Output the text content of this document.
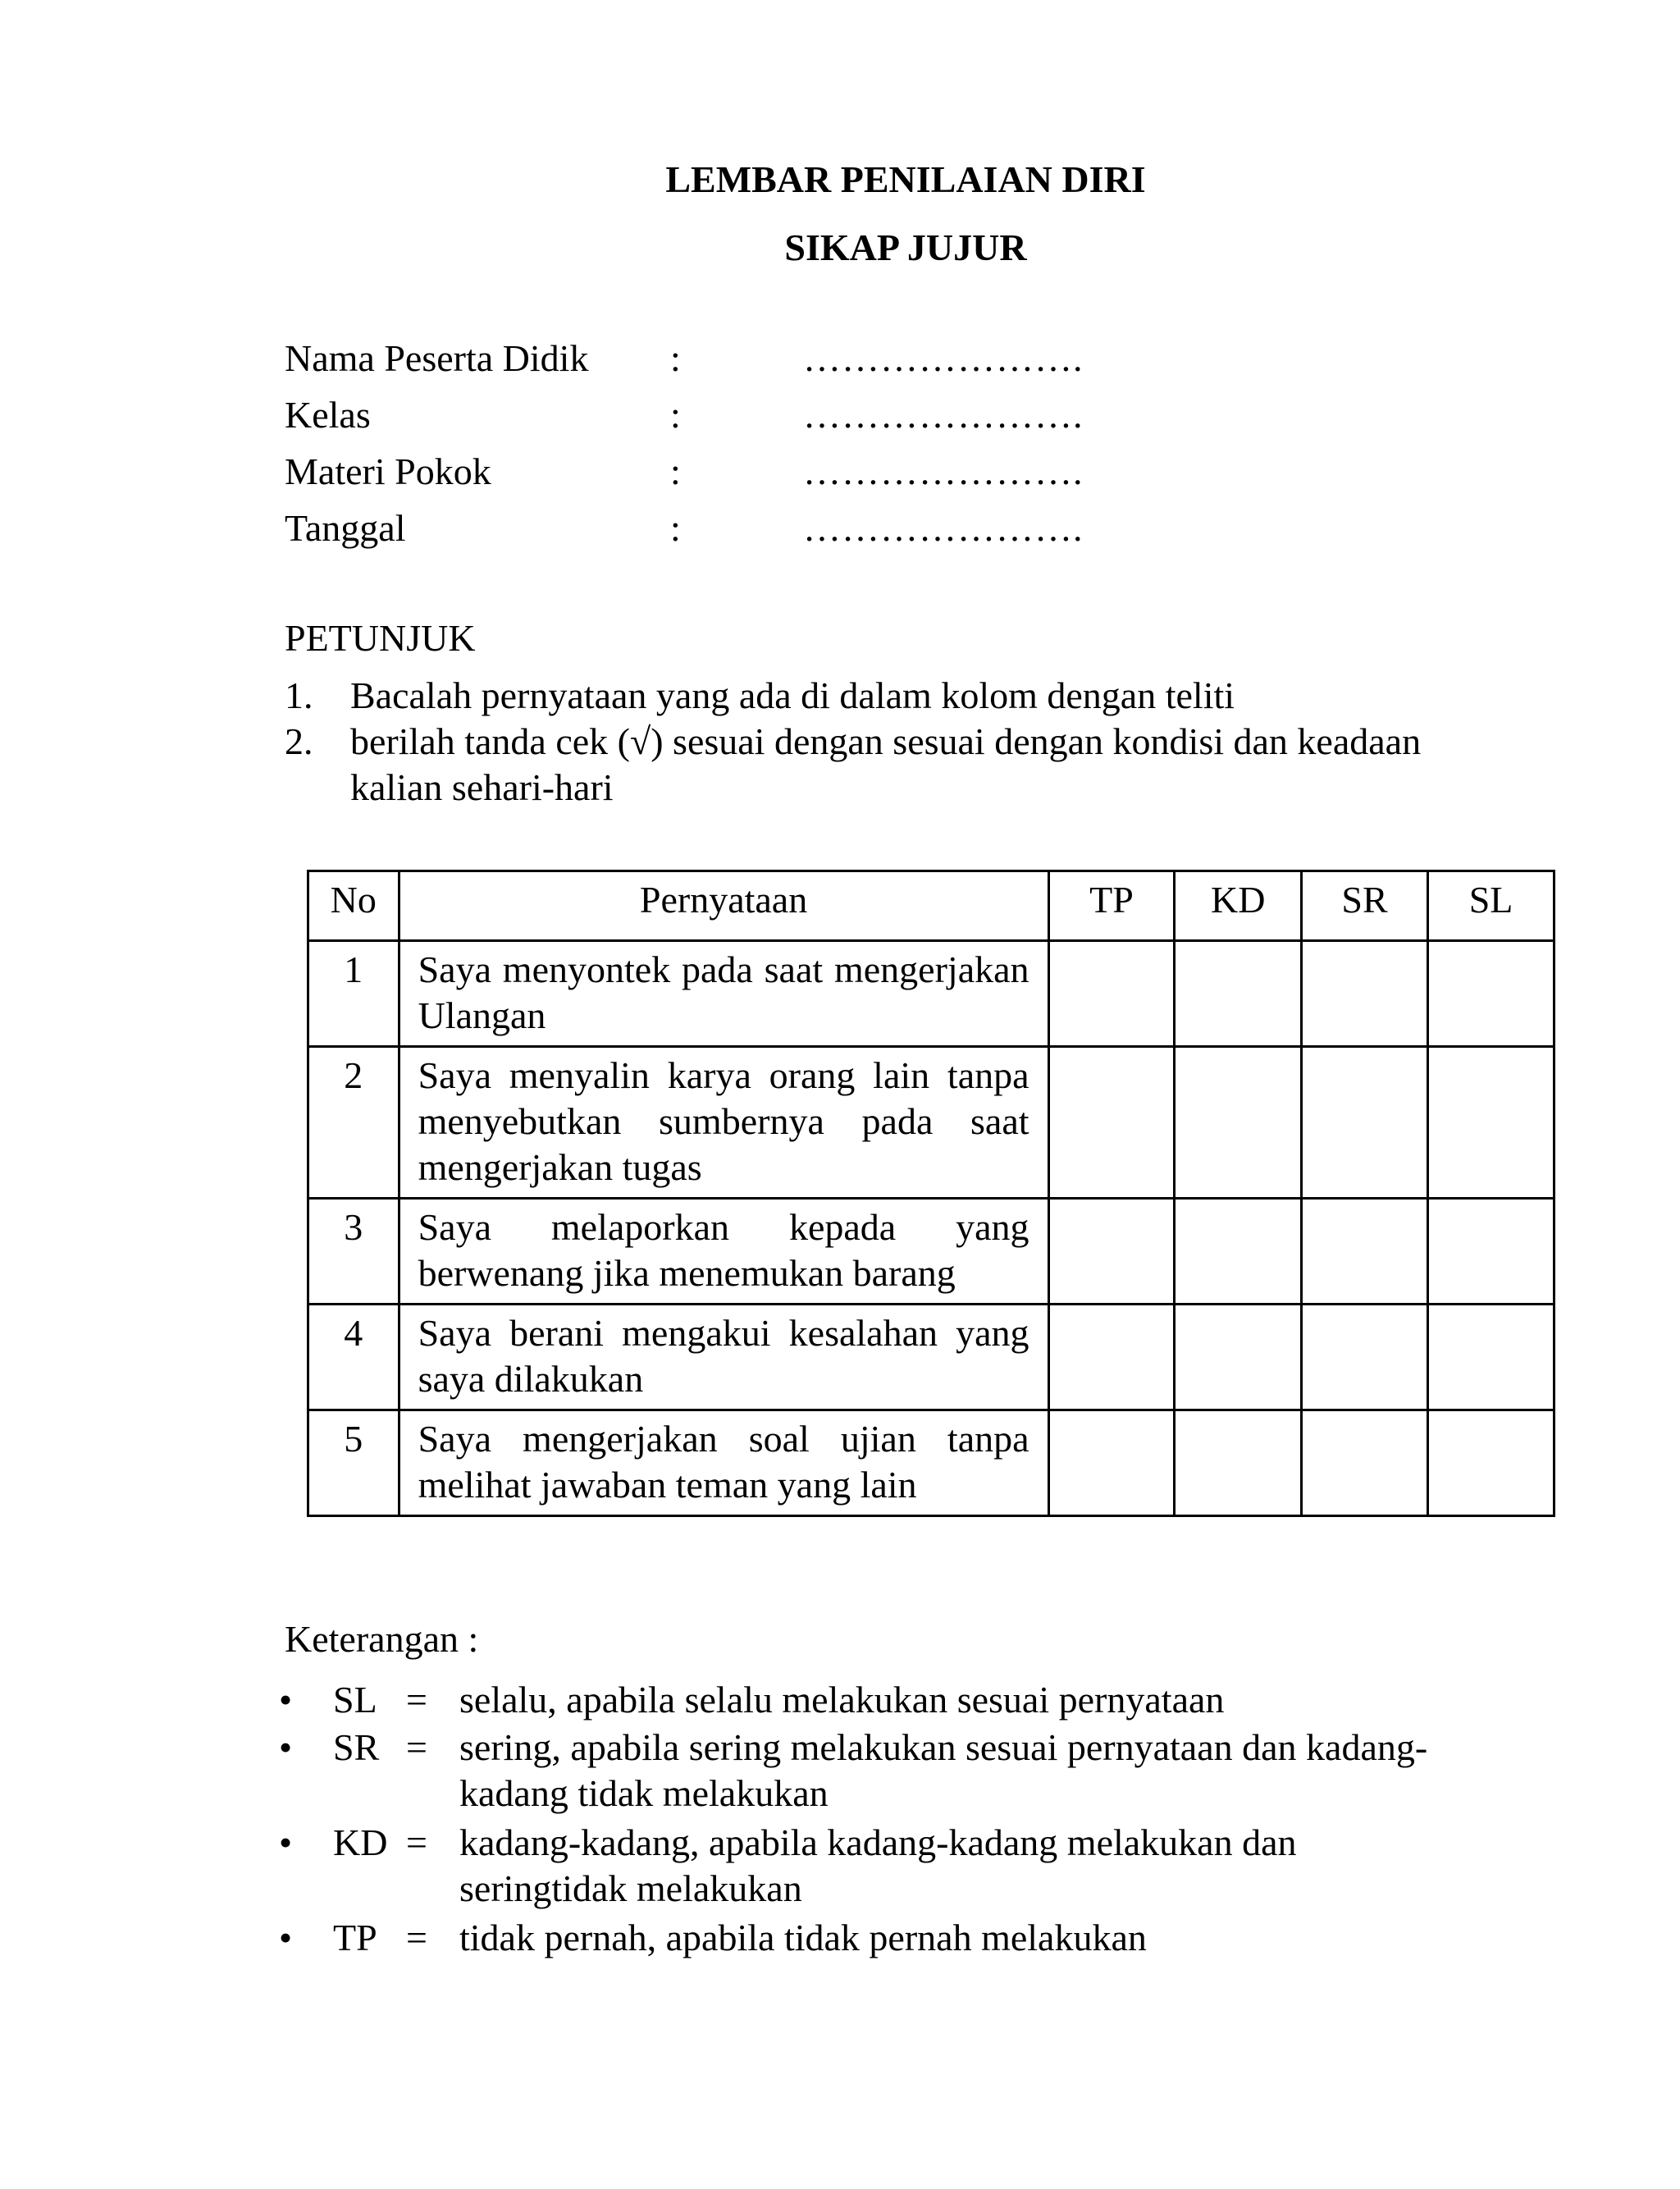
LEMBAR PENILAIAN DIRI
SIKAP JUJUR
Nama Peserta Didik :	………………….
Kelas	:	………………….
Materi Pokok	:	………………….
Tanggal	:	………………….
PETUNJUK
1. Bacalah pernyataan yang ada di dalam kolom dengan teliti
2. berilah tanda cek (√) sesuai dengan sesuai dengan kondisi dan keadaan kalian sehari-hari
No	Pernyataan	TP	KD	SR	SL
1	Saya menyontek pada saat mengerjakan Ulangan				
2	Saya menyalin karya orang lain tanpa menyebutkan sumbernya pada saat mengerjakan tugas				
3	Saya melaporkan kepada yang berwenang jika menemukan barang				
4	Saya berani mengakui kesalahan yang saya dilakukan				
5	Saya mengerjakan soal ujian tanpa melihat jawaban teman yang lain				
Keterangan :
• SL = selalu, apabila selalu melakukan sesuai pernyataan
• SR = sering, apabila sering melakukan sesuai pernyataan dan kadang-kadang tidak melakukan
• KD = kadang-kadang, apabila kadang-kadang melakukan dan seringtidak melakukan
• TP = tidak pernah, apabila tidak pernah melakukan
